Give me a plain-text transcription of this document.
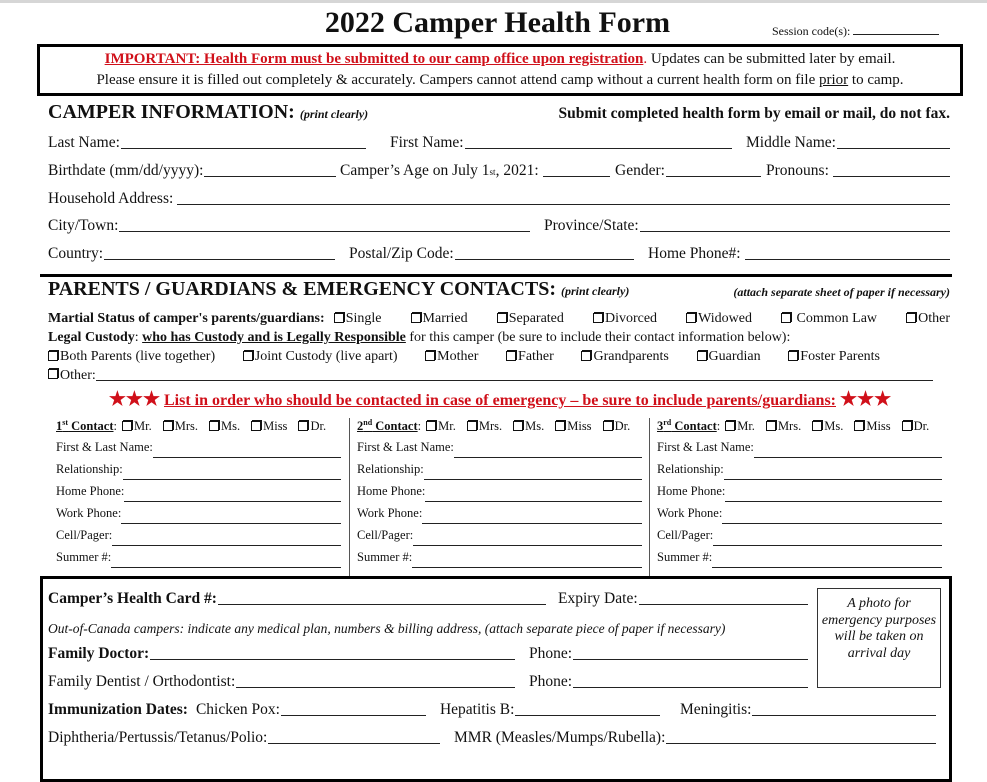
2022 Camper Health Form	Session code(s):
IMPORTANT: Health Form must be submitted to our camp office upon registration. Updates can be submitted later by email.
Please ensure it is filled out completely & accurately. Campers cannot attend camp without a current health form on file prior to camp.
CAMPER INFORMATION: (print clearly)	Submit completed health form by email or mail, do not fax.
Last Name:	First Name:	Middle Name:
Birthdate (mm/dd/yyyy):	Camper’s Age on July 1 st , 2021:	Gender:	Pronouns:
Household Address:
City/Town:	Province/State:
Country:	Postal/Zip Code:	Home Phone#:
PARENTS / GUARDIANS & EMERGENCY CONTACTS: (print clearly)	(attach separate sheet of paper if necessary)
Martial Status of camper's parents/guardians:	Single	Married	Separated	Divorced	Widowed	Common Law	Other
Legal Custody: who has Custody and is Legally Responsible for this camper (be sure to include their contact information below):
Both Parents (live together)	Joint Custody (live apart)	Mother	Father	Grandparents	Guardian	Foster Parents
Other:
★★★ List in order who should be contacted in case of emergency – be sure to include parents/guardians: ★★★
1st Contact :	Mr.	Mrs.	Ms.	Miss	Dr.
First & Last Name:
Relationship:
Home Phone:
Work Phone:
Cell/Pager:
Summer #:
2nd Contact :	Mr.	Mrs.	Ms.	Miss	Dr.
First & Last Name:
Relationship:
Home Phone:
Work Phone:
Cell/Pager:
Summer #:
3rd Contact :	Mr.	Mrs.	Ms.	Miss	Dr.
First & Last Name:
Relationship:
Home Phone:
Work Phone:
Cell/Pager:
Summer #:
Camper’s Health Card #:	Expiry Date:
Out-of-Canada campers: indicate any medical plan, numbers & billing address, (attach separate piece of paper if necessary)
Family Doctor:	Phone:
Family Dentist / Orthodontist:	Phone:
Immunization Dates: Chicken Pox:	Hepatitis B:	Meningitis:
Diphtheria/Pertussis/Tetanus/Polio:	MMR (Measles/Mumps/Rubella):
A photo for emergency purposes will be taken on arrival day
